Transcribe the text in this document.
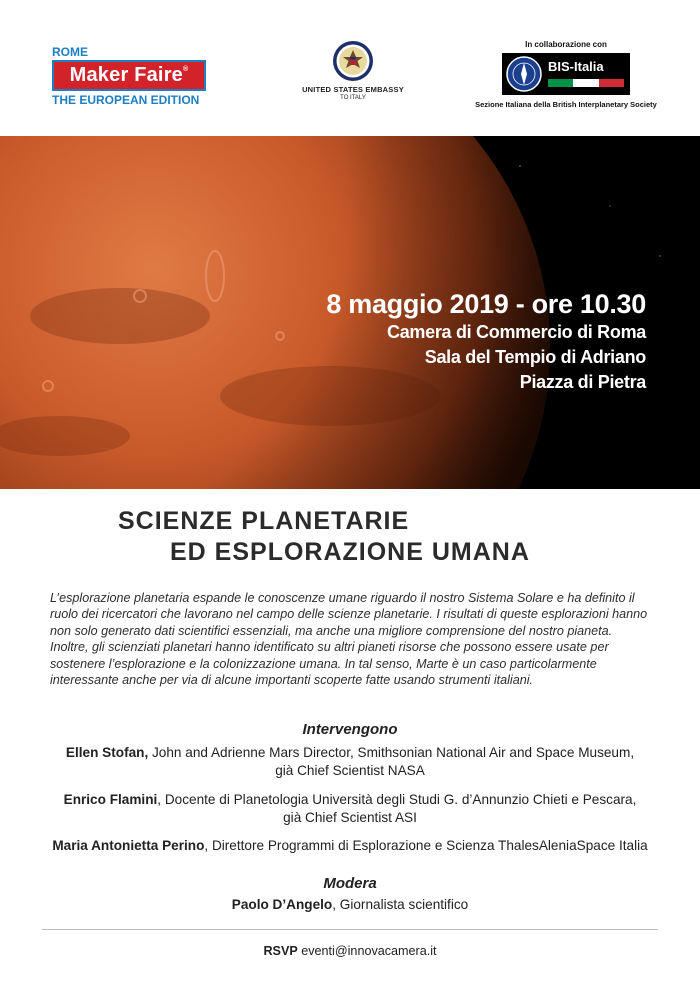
ROME
Maker Faire®
THE EUROPEAN EDITION
UNITED STATES EMBASSY
TO ITALY
In collaborazione con
BIS-Italia
Sezione Italiana della British Interplanetary Society
8 maggio 2019 - ore 10.30
Camera di Commercio di Roma
Sala del Tempio di Adriano
Piazza di Pietra
SCIENZE PLANETARIE
ED ESPLORAZIONE UMANA
L’esplorazione planetaria espande le conoscenze umane riguardo il nostro Sistema Solare e ha definito il ruolo dei ricercatori che lavorano nel campo delle scienze planetarie. I risultati di queste esplorazioni hanno non solo generato dati scientifici essenziali, ma anche una migliore comprensione del nostro pianeta. Inoltre, gli scienziati planetari hanno identificato su altri pianeti risorse che possono essere usate per sostenere l’esplorazione e la colonizzazione umana. In tal senso, Marte è un caso particolarmente interessante anche per via di alcune importanti scoperte fatte usando strumenti italiani.
Intervengono
Ellen Stofan, John and Adrienne Mars Director, Smithsonian National Air and Space Museum,
già Chief Scientist NASA
Enrico Flamini, Docente di Planetologia Università degli Studi G. d’Annunzio Chieti e Pescara,
già Chief Scientist ASI
Maria Antonietta Perino, Direttore Programmi di Esplorazione e Scienza ThalesAleniaSpace Italia
Modera
Paolo D’Angelo, Giornalista scientifico
RSVP eventi@innovacamera.it
